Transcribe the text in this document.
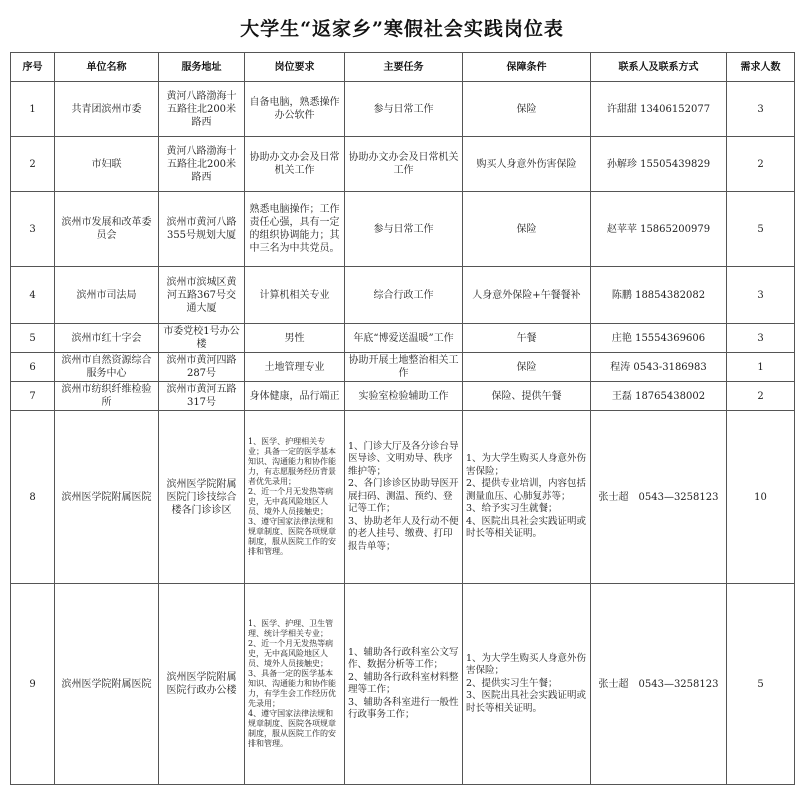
大学生“返家乡”寒假社会实践岗位表
序号	单位名称	服务地址	岗位要求	主要任务	保障条件	联系人及联系方式	需求人数
1	共青团滨州市委	黄河八路渤海十五路往北200米路西	自备电脑，熟悉操作办公软件	参与日常工作	保险	许甜甜 13406152077	3
2	市妇联	黄河八路渤海十五路往北200米路西	协助办文办会及日常机关工作	协助办文办会及日常机关工作	购买人身意外伤害保险	孙解珍 15505439829	2
3	滨州市发展和改革委员会	滨州市黄河八路355号规划大厦	熟悉电脑操作；工作责任心强，具有一定的组织协调能力；其中三名为中共党员。	参与日常工作	保险	赵苹苹 15865200979	5
4	滨州市司法局	滨州市滨城区黄河五路367号交通大厦	计算机相关专业	综合行政工作	人身意外保险+午餐餐补	陈鹏 18854382082	3
5	滨州市红十字会	市委党校1号办公楼	男性	年底“博爱送温暖”工作	午餐	庄艳 15554369606	3
6	滨州市自然资源综合服务中心	滨州市黄河四路287号	土地管理专业	协助开展土地整治相关工作	保险	程涛 0543-3186983	1
7	滨州市纺织纤维检验所	滨州市黄河五路317号	身体健康，品行端正	实验室检验辅助工作	保险、提供午餐	王磊 18765438002	2
8	滨州医学院附属医院	滨州医学院附属医院门诊技综合楼各门诊诊区	1、医学、护理相关专业；具备一定的医学基本知识、沟通能力和协作能力，有志愿服务经历背景者优先录用；
2、近一个月无发热等病史，无中高风险地区人员、境外人员接触史；
3、遵守国家法律法规和规章制度、医院各项规章制度，服从医院工作的安排和管理。	1、门诊大厅及各分诊台导医导诊、文明劝导、秩序维护等；
2、各门诊诊区协助导医开展扫码、测温、预约、登记等工作；
3、协助老年人及行动不便的老人挂号、缴费、打印报告单等；	1、为大学生购买人身意外伤害保险；
2、提供专业培训，内容包括测量血压、心肺复苏等；
3、给予实习生就餐；
4、医院出具社会实践证明或时长等相关证明。	张士超　0543—3258123	10
9	滨州医学院附属医院	滨州医学院附属医院行政办公楼	1、医学、护理、卫生管理、统计学相关专业；
2、近一个月无发热等病史，无中高风险地区人员、境外人员接触史；
3、具备一定的医学基本知识、沟通能力和协作能力，有学生会工作经历优先录用；
4、遵守国家法律法规和规章制度、医院各项规章制度，服从医院工作的安排和管理。	1、辅助各行政科室公文写作、数据分析等工作；
2、辅助各行政科室材料整理等工作；
3、辅助各科室进行一般性行政事务工作；	1、为大学生购买人身意外伤害保险；
2、提供实习生午餐；
3、医院出具社会实践证明或时长等相关证明。	张士超　0543—3258123	5
